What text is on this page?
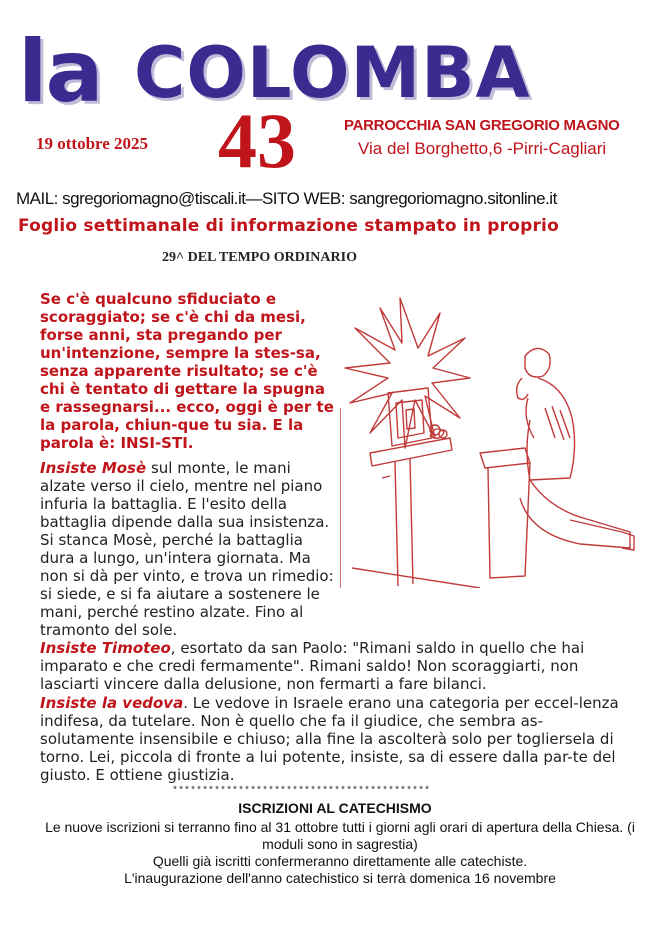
la COLOMBA
19 ottobre 2025 43	PARROCCHIA SAN GREGORIO MAGNO
Via del Borghetto,6 -Pirri-Cagliari
MAIL: sgregoriomagno@tiscali.it—SITO WEB: sangregoriomagno.sitonline.it
Foglio settimanale di informazione stampato in proprio
29^ DEL TEMPO ORDINARIO
Se c'è qualcuno sfiduciato e scoraggiato; se c'è chi da mesi, forse anni, sta pregando per un'intenzione, sempre la stes-sa, senza apparente risultato; se c'è chi è tentato di gettare la spugna e rassegnarsi... ecco, oggi è per te la parola, chiun-que tu sia. E la parola è: INSI-STI.
Insiste Mosè sul monte, le mani alzate verso il cielo, mentre nel piano infuria la battaglia. E l'esito della battaglia dipende dalla sua insistenza. Si stanca Mosè, perché la battaglia dura a lungo, un'intera giornata. Ma non si dà per vinto, e trova un rimedio: si siede, e si fa aiutare a sostenere le mani, perché restino alzate. Fino al tramonto del sole.
Insiste Timoteo, esortato da san Paolo: "Rimani saldo in quello che hai imparato e che credi fermamente". Rimani saldo! Non scoraggiarti, non lasciarti vincere dalla delusione, non fermarti a fare bilanci.
Insiste la vedova. Le vedove in Israele erano una categoria per eccel-lenza indifesa, da tutelare. Non è quello che fa il giudice, che sembra as-solutamente insensibile e chiuso; alla fine la ascolterà solo per togliersela di torno. Lei, piccola di fronte a lui potente, insiste, sa di essere dalla par-te del giusto. E ottiene giustizia.
*******************************************
ISCRIZIONI AL CATECHISMO
Le nuove iscrizioni si terranno fino al 31 ottobre tutti i giorni agli orari di apertura della Chiesa. (i moduli sono in sagrestia)
Quelli già iscritti confermeranno direttamente alle catechiste.
L'inaugurazione dell'anno catechistico si terrà domenica 16 novembre
